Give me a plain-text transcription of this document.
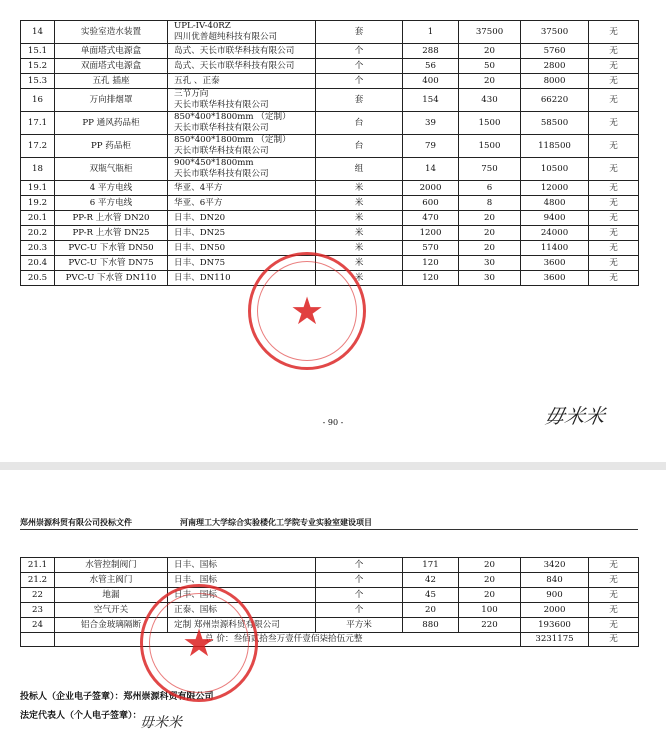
14	实验室造水装置	UPL-IV-40RZ
四川优普超纯科技有限公司	套	1	37500	37500	无
15.1	单面塔式电源盒	岛式、天长市联华科技有限公司	个	288	20	5760	无
15.2	双面塔式电源盒	岛式、天长市联华科技有限公司	个	56	50	2800	无
15.3	五孔 插座	五孔 、正泰	个	400	20	8000	无
16	万向排烟罩	三节万向
天长市联华科技有限公司	套	154	430	66220	无
17.1	PP 通风药品柜	850*400*1800mm （定制）
天长市联华科技有限公司	台	39	1500	58500	无
17.2	PP 药品柜	850*400*1800mm （定制）
天长市联华科技有限公司	台	79	1500	118500	无
18	双瓶气瓶柜	900*450*1800mm
天长市联华科技有限公司	组	14	750	10500	无
19.1	4 平方电线	华亚、4平方	米	2000	6	12000	无
19.2	6 平方电线	华亚、6平方	米	600	8	4800	无
20.1	PP-R 上水管 DN20	日丰、DN20	米	470	20	9400	无
20.2	PP-R 上水管 DN25	日丰、DN25	米	1200	20	24000	无
20.3	PVC-U 下水管 DN50	日丰、DN50	米	570	20	11400	无
20.4	PVC-U 下水管 DN75	日丰、DN75	米	120	30	3600	无
20.5	PVC-U 下水管 DN110	日丰、DN110	米	120	30	3600	无
- 90 -	毋米米
郑州崇源科贸有限公司投标文件	河南理工大学综合实验楼化工学院专业实验室建设项目
21.1	水管控制阀门	日丰、国标	个	171	20	3420	无
21.2	水管主阀门	日丰、国标	个	42	20	840	无
22	地漏	日丰、国标	个	45	20	900	无
23	空气开关	正泰、国标	个	20	100	2000	无
24	铝合金玻璃隔断	定制 郑州崇源科贸有限公司	平方米	880	220	193600	无
	总 价：叁佰贰拾叁万壹仟壹佰柒拾伍元整					3231175	无
投标人（企业电子签章）：郑州崇源科贸有限公司
法定代表人（个人电子签章）：
毋米米
★
★
